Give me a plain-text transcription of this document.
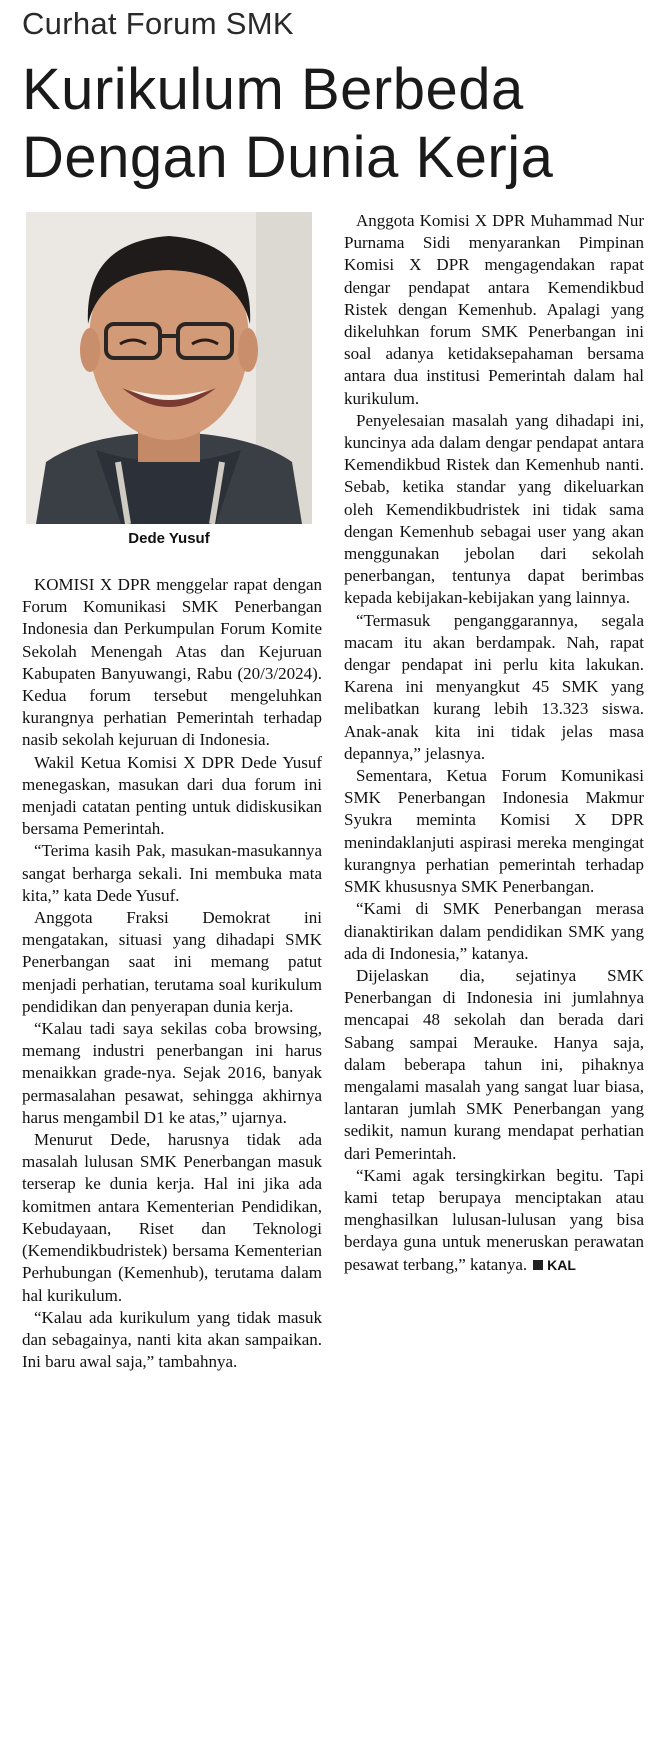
Curhat Forum SMK
Kurikulum Berbeda Dengan Dunia Kerja
Dede Yusuf

KOMISI X DPR menggelar rapat dengan Forum Komunikasi SMK Penerbangan Indonesia dan Perkumpulan Forum Komite Sekolah Menengah Atas dan Kejuruan Kabupaten Banyuwangi, Rabu (20/3/2024). Kedua forum tersebut mengeluhkan kurangnya perhatian Pemerintah terhadap nasib sekolah kejuruan di Indonesia.

Wakil Ketua Komisi X DPR Dede Yusuf menegaskan, masukan dari dua forum ini menjadi catatan penting untuk didiskusikan bersama Pemerintah.

“Terima kasih Pak, masukan-masukannya sangat berharga sekali. Ini membuka mata kita,” kata Dede Yusuf.

Anggota Fraksi Demokrat ini mengatakan, situasi yang dihadapi SMK Penerbangan saat ini memang patut menjadi perhatian, terutama soal kurikulum pendidikan dan penyerapan dunia kerja.

“Kalau tadi saya sekilas coba browsing, memang industri penerbangan ini harus menaikkan grade-nya. Sejak 2016, banyak permasalahan pesawat, sehingga akhirnya harus mengambil D1 ke atas,” ujarnya.

Menurut Dede, harusnya tidak ada masalah lulusan SMK Penerbangan masuk terserap ke dunia kerja. Hal ini jika ada komitmen antara Kementerian Pendidikan, Kebudayaan, Riset dan Teknologi (Kemendikbudristek) bersama Kementerian Perhubungan (Kemenhub), terutama dalam hal kurikulum.

“Kalau ada kurikulum yang tidak masuk dan sebagainya, nanti kita akan sampaikan. Ini baru awal saja,” tambahnya.

Anggota Komisi X DPR Muhammad Nur Purnama Sidi menyarankan Pimpinan Komisi X DPR mengagendakan rapat dengar pendapat antara Kemendikbud Ristek dengan Kemenhub. Apalagi yang dikeluhkan forum SMK Penerbangan ini soal adanya ketidaksepahaman bersama antara dua institusi Pemerintah dalam hal kurikulum.

Penyelesaian masalah yang dihadapi ini, kuncinya ada dalam dengar pendapat antara Kemendikbud Ristek dan Kemenhub nanti. Sebab, ketika standar yang dikeluarkan oleh Kemendikbudristek ini tidak sama dengan Kemenhub sebagai user yang akan menggunakan jebolan dari sekolah penerbangan, tentunya dapat berimbas kepada kebijakan-kebijakan yang lainnya.

“Termasuk penganggarannya, segala macam itu akan berdampak. Nah, rapat dengar pendapat ini perlu kita lakukan. Karena ini menyangkut 45 SMK yang melibatkan kurang lebih 13.323 siswa. Anak-anak kita ini tidak jelas masa depannya,” jelasnya.

Sementara, Ketua Forum Komunikasi SMK Penerbangan Indonesia Makmur Syukra meminta Komisi X DPR menindaklanjuti aspirasi mereka mengingat kurangnya perhatian pemerintah terhadap SMK khususnya SMK Penerbangan.

“Kami di SMK Penerbangan merasa dianaktirikan dalam pendidikan SMK yang ada di Indonesia,” katanya.

Dijelaskan dia, sejatinya SMK Penerbangan di Indonesia ini jumlahnya mencapai 48 sekolah dan berada dari Sabang sampai Merauke. Hanya saja, dalam beberapa tahun ini, pihaknya mengalami masalah yang sangat luar biasa, lantaran jumlah SMK Penerbangan yang sedikit, namun kurang mendapat perhatian dari Pemerintah.

“Kami agak tersingkirkan begitu. Tapi kami tetap berupaya menciptakan atau menghasilkan lulusan-lulusan yang bisa berdaya guna untuk meneruskan perawatan pesawat terbang,” katanya. KAL
